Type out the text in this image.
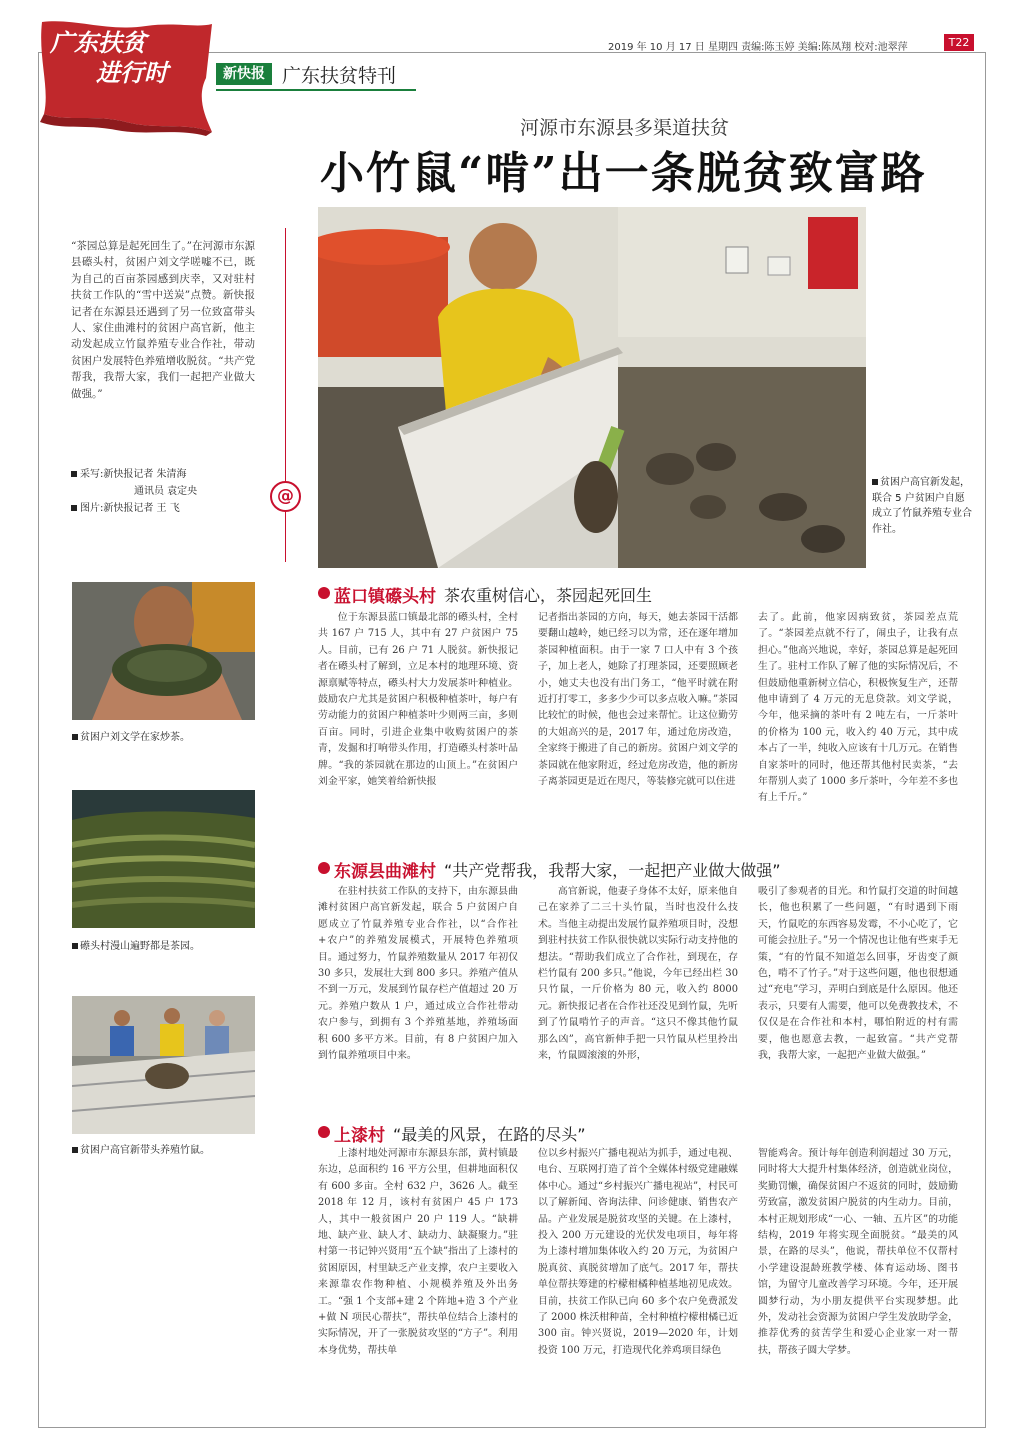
广东扶贫
进行时	新快报 广东扶贫特刊
2019 年 10 月 17 日 星期四 责编:陈玉婷 美编:陈凤翔 校对:池翠萍	T22
河源市东源县多渠道扶贫
小竹鼠“啃”出一条脱贫致富路
“茶园总算是起死回生了。”在河源市东源县礤头村，贫困户刘文学嗟嘘不已，既为自己的百亩茶园感到庆幸，又对驻村扶贫工作队的“雪中送炭”点赞。新快报记者在东源县还遇到了另一位致富带头人、家住曲滩村的贫困户高官新，他主动发起成立竹鼠养殖专业合作社，带动贫困户发展特色养殖增收脱贫。“共产党帮我，我帮大家，我们一起把产业做大做强。”
采写:新快报记者 朱清海
通讯员 袁定央
图片:新快报记者 王 飞
@
贫困户高官新发起，联合 5 户贫困户自愿成立了竹鼠养殖专业合作社。
贫困户刘文学在家炒茶。
礤头村漫山遍野都是茶园。
贫困户高官新带头养殖竹鼠。
蓝口镇礤头村 茶农重树信心，茶园起死回生

位于东源县蓝口镇最北部的礤头村，全村共 167 户 715 人，其中有 27 户贫困户 75 人。目前，已有 26 户 71 人脱贫。新快报记者在礤头村了解到，立足本村的地理环境、资源禀赋等特点，礤头村大力发展茶叶种植业。鼓励农户尤其是贫困户积极种植茶叶，每户有劳动能力的贫困户种植茶叶少则两三亩，多则百亩。同时，引进企业集中收购贫困户的茶青，发掘和打响带头作用，打造礤头村茶叶品牌。“我的茶园就在那边的山顶上。”在贫困户刘金平家，她笑着给新快报

记者指出茶园的方向，每天，她去茶园干活都要翻山越岭，她已经习以为常，还在逐年增加茶园种植面积。由于一家 7 口人中有 3 个孩子，加上老人，她除了打理茶园，还要照顾老小，她丈夫也没有出门务工，“他平时就在附近打打零工，多多少少可以多点收入嘛。”茶园比较忙的时候，他也会过来帮忙。让这位勤劳的大姐高兴的是，2017 年，通过危房改造，全家终于搬进了自己的新房。贫困户刘文学的茶园就在他家附近，经过危房改造，他的新房子离茶园更是近在咫尺，等装修完就可以住进

去了。此前，他家因病致贫，茶园差点荒了。“茶园差点就不行了，闹虫子，让我有点担心。”他高兴地说，幸好，茶园总算是起死回生了。驻村工作队了解了他的实际情况后，不但鼓励他重新树立信心，积极恢复生产，还帮他申请到了 4 万元的无息贷款。刘文学说，今年，他采摘的茶叶有 2 吨左右，一斤茶叶的价格为 100 元，收入约 40 万元，其中成本占了一半，纯收入应该有十几万元。在销售自家茶叶的同时，他还帮其他村民卖茶，“去年帮别人卖了 1000 多斤茶叶，今年差不多也有上千斤。”

东源县曲滩村 “共产党帮我，我帮大家，一起把产业做大做强”

在驻村扶贫工作队的支持下，由东源县曲滩村贫困户高官新发起，联合 5 户贫困户自愿成立了竹鼠养殖专业合作社，以“合作社+农户”的养殖发展模式，开展特色养殖项目。通过努力，竹鼠养殖数量从 2017 年初仅 30 多只，发展壮大到 800 多只。养殖产值从不到一万元，发展到竹鼠存栏产值超过 20 万元。养殖户数从 1 户，通过成立合作社带动农户参与，到拥有 3 个养殖基地，养殖场面积 600 多平方米。目前，有 8 户贫困户加入到竹鼠养殖项目中来。

高官新说，他妻子身体不太好，原来他自己在家养了二三十头竹鼠，当时也没什么技术。当他主动提出发展竹鼠养殖项目时，没想到驻村扶贫工作队很快就以实际行动支持他的想法。“帮助我们成立了合作社，到现在，存栏竹鼠有 200 多只。”他说，今年已经出栏 30 只竹鼠，一斤价格为 80 元，收入约 8000 元。新快报记者在合作社还没见到竹鼠，先听到了竹鼠啃竹子的声音。“这只不像其他竹鼠那么凶”，高官新伸手把一只竹鼠从栏里拎出来，竹鼠圆滚滚的外形，

吸引了参观者的目光。和竹鼠打交道的时间越长，他也积累了一些问题，“有时遇到下雨天，竹鼠吃的东西容易发霉，不小心吃了，它可能会拉肚子。”另一个情况也让他有些束手无策，“有的竹鼠不知道怎么回事，牙齿变了颜色，啃不了竹子。”对于这些问题，他也很想通过“充电”学习，弄明白到底是什么原因。他还表示，只要有人需要，他可以免费教技术，不仅仅是在合作社和本村，哪怕附近的村有需要，他也愿意去教，一起致富。“共产党帮我，我帮大家，一起把产业做大做强。”

上漆村 “最美的风景，在路的尽头”

上漆村地处河源市东源县东部，黄村镇最东边，总面积约 16 平方公里，但耕地面积仅有 600 多亩。全村 632 户，3626 人。截至 2018 年 12 月，该村有贫困户 45 户 173 人，其中一般贫困户 20 户 119 人。“缺耕地、缺产业、缺人才、缺动力、缺凝聚力。”驻村第一书记钟兴贤用“五个缺”指出了上漆村的贫困原因，村里缺乏产业支撑，农户主要收入来源靠农作物种植、小规模养殖及外出务工。“强 1 个支部+建 2 个阵地+造 3 个产业+做 N 项民心帮扶”，帮扶单位结合上漆村的实际情况，开了一张脱贫攻坚的“方子”。利用本身优势，帮扶单

位以乡村振兴广播电视站为抓手，通过电视、电台、互联网打造了首个全媒体村级党建融媒体中心。通过“乡村振兴广播电视站”，村民可以了解新闻、咨询法律、问诊健康、销售农产品。产业发展是脱贫攻坚的关键。在上漆村，投入 200 万元建设的光伏发电项目，每年将为上漆村增加集体收入约 20 万元，为贫困户脱真贫、真脱贫增加了底气。2017 年，帮扶单位帮扶筹建的柠檬柑橘种植基地初见成效。目前，扶贫工作队已向 60 多个农户免费派发了 2000 株沃柑种苗，全村种植柠檬柑橘已近 300 亩。钟兴贤说，2019—2020 年，计划投资 100 万元，打造现代化养鸡项目绿色

智能鸡舍。预计每年创造利润超过 30 万元，同时将大大提升村集体经济，创造就业岗位，奖勤罚懒，确保贫困户不返贫的同时，鼓励勤劳致富，激发贫困户脱贫的内生动力。目前，本村正规划形成“一心、一轴、五片区”的功能结构，2019 年将实现全面脱贫。“最美的风景，在路的尽头”，他说，帮扶单位不仅帮村小学建设混龄班教学楼、体育运动场、图书馆，为留守儿童改善学习环境。今年，还开展圆梦行动，为小朋友提供平台实现梦想。此外，发动社会资源为贫困户学生发放助学金，推荐优秀的贫苦学生和爱心企业家一对一帮扶，帮孩子圆大学梦。
